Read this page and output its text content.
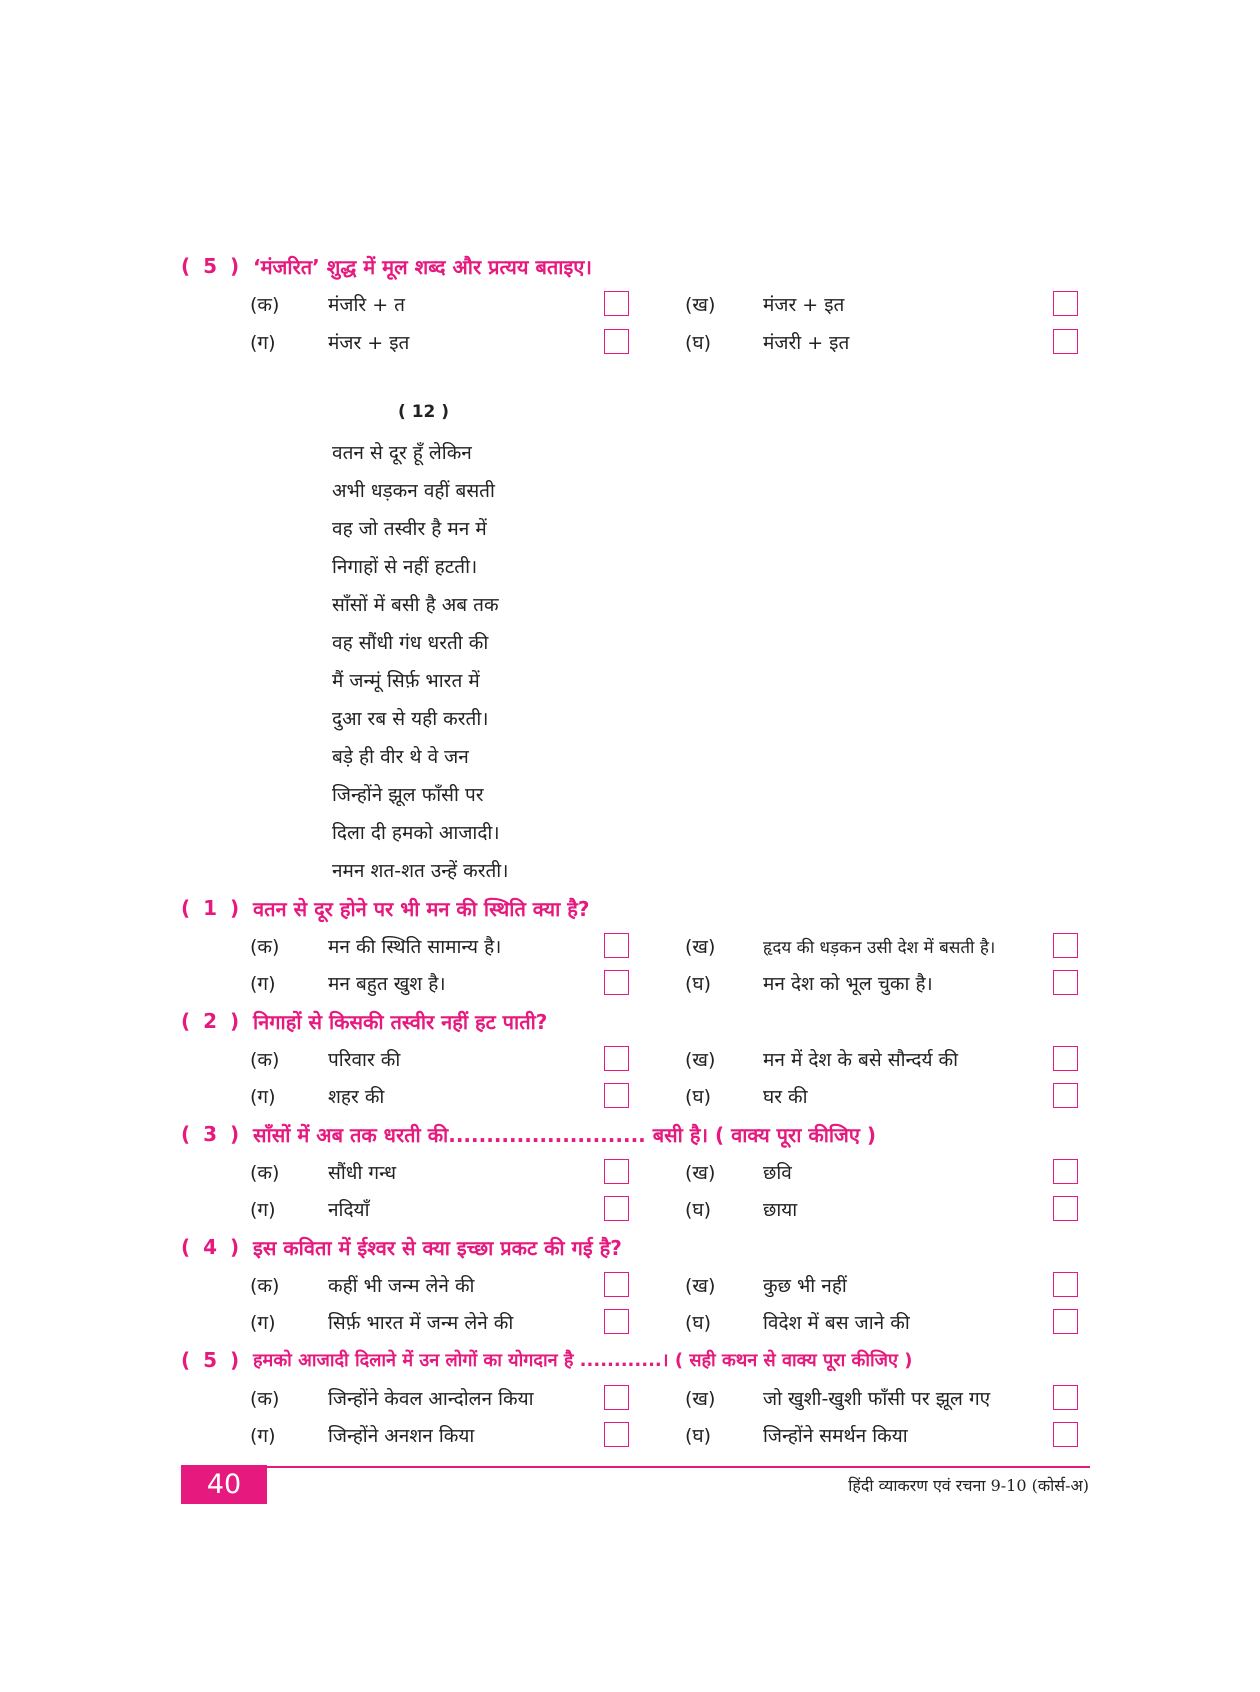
( 5 ) ‘मंजरित’ शुद्ध में मूल शब्द और प्रत्यय बताइए।
(क)	मंजरि + त	(ख)	मंजर + इत
(ग)	मंजर + इत	(घ)	मंजरी + इत
( 12 )
वतन से दूर हूँ लेकिन
अभी धड़कन वहीं बसती
वह जो तस्वीर है मन में
निगाहों से नहीं हटती।
साँसों में बसी है अब तक
वह सौंधी गंध धरती की
मैं जन्मूं सिर्फ़ भारत में
दुआ रब से यही करती।
बड़े ही वीर थे वे जन
जिन्होंने झूल फाँसी पर
दिला दी हमको आजादी।
नमन शत-शत उन्हें करती।
( 1 ) वतन से दूर होने पर भी मन की स्थिति क्या है?
(क)	मन की स्थिति सामान्य है।	(ख)	हृदय की धड़कन उसी देश में बसती है।
(ग)	मन बहुत खुश है।	(घ)	मन देश को भूल चुका है।
( 2 ) निगाहों से किसकी तस्वीर नहीं हट पाती?
(क)	परिवार की	(ख)	मन में देश के बसे सौन्दर्य की
(ग)	शहर की	(घ)	घर की
( 3 ) साँसों में अब तक धरती की.......................... बसी है। ( वाक्य पूरा कीजिए )
(क)	सौंधी गन्ध	(ख)	छवि
(ग)	नदियाँ	(घ)	छाया
( 4 ) इस कविता में ईश्वर से क्या इच्छा प्रकट की गई है?
(क)	कहीं भी जन्म लेने की	(ख)	कुछ भी नहीं
(ग)	सिर्फ़ भारत में जन्म लेने की	(घ)	विदेश में बस जाने की
( 5 ) हमको आजादी दिलाने में उन लोगों का योगदान है ............। ( सही कथन से वाक्य पूरा कीजिए )
(क)	जिन्होंने केवल आन्दोलन किया	(ख)	जो खुशी-खुशी फाँसी पर झूल गए
(ग)	जिन्होंने अनशन किया	(घ)	जिन्होंने समर्थन किया
40	हिंदी व्याकरण एवं रचना 9-10 (कोर्स-अ)
